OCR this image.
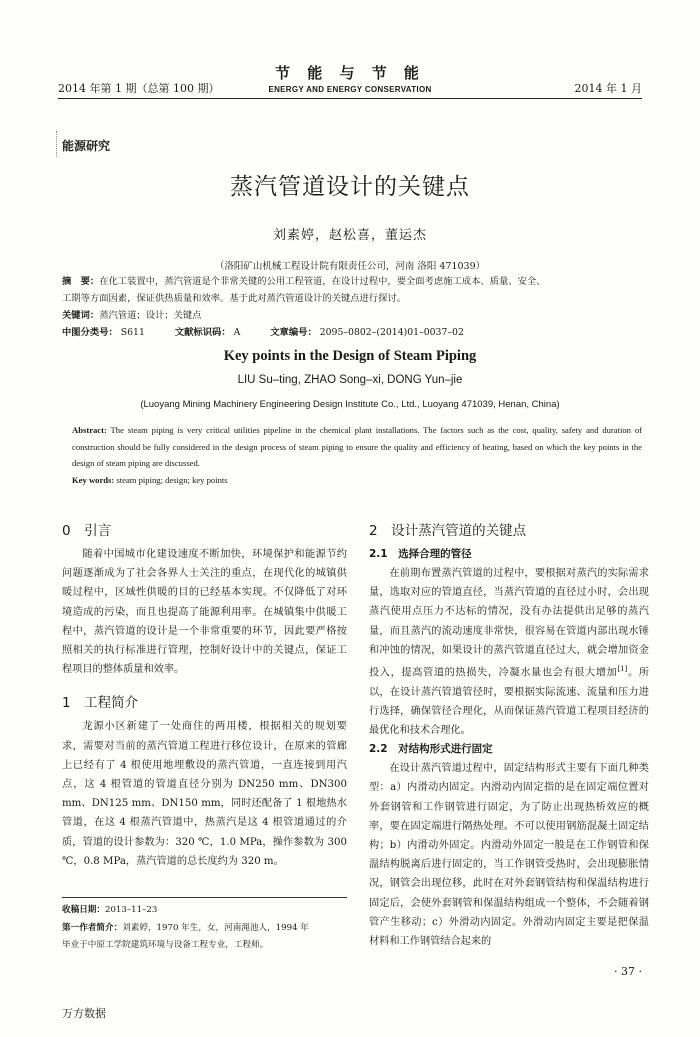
2014 年第 1 期（总第 100 期）
节 能 与 节 能
ENERGY AND ENERGY CONSERVATION	2014 年 1 月
能源研究
蒸汽管道设计的关键点
刘素婷，赵松喜，董运杰
（洛阳矿山机械工程设计院有限责任公司，河南 洛阳 471039）
摘　要：在化工装置中，蒸汽管道是个非常关键的公用工程管道，在设计过程中，要全面考虑施工成本、质量、安全、
工期等方面因素，保证供热质量和效率。基于此对蒸汽管道设计的关键点进行探讨。
关键词：蒸汽管道；设计；关键点
中图分类号： S611	文献标识码： A	文章编号： 2095–0802–(2014)01–0037–02
Key points in the Design of Steam Piping
LIU Su–ting, ZHAO Song–xi, DONG Yun–jie
(Luoyang Mining Machinery Engineering Design Institute Co., Ltd., Luoyang 471039, Henan, China)
Abstract: The steam piping is very critical utilities pipeline in the chemical plant installations. The factors such as the cost, quality, safety and duration of construction should be fully considered in the design process of steam piping to ensure the quality and efficiency of heating, based on which the key points in the design of steam piping are discussed.
Key words: steam piping; design; key points
0　引言

随着中国城市化建设速度不断加快，环境保护和能源节约问题逐渐成为了社会各界人士关注的重点，在现代化的城镇供暖过程中，区域性供暖的目的已经基本实现。不仅降低了对环境造成的污染，而且也提高了能源利用率。在城镇集中供暖工程中，蒸汽管道的设计是一个非常重要的环节，因此要严格按照相关的执行标准进行管理，控制好设计中的关键点，保证工程项目的整体质量和效率。

1　工程简介

龙源小区新建了一处商住的两用楼，根据相关的规划要求，需要对当前的蒸汽管道工程进行移位设计，在原来的管廊上已经有了 4 根使用地埋敷设的蒸汽管道，一直连接到用汽点，这 4 根管道的管道直径分别为 DN250 mm、DN300 mm、DN125 mm、DN150 mm，同时还配备了 1 根地热水管道，在这 4 根蒸汽管道中，热蒸汽是这 4 根管道通过的介质，管道的设计参数为：320 ℃，1.0 MPa，操作参数为 300 ℃，0.8 MPa，蒸汽管道的总长度约为 320 m。

2　设计蒸汽管道的关键点
2.1　选择合理的管径

在前期布置蒸汽管道的过程中，要根据对蒸汽的实际需求量，选取对应的管道直径，当蒸汽管道的直径过小时，会出现蒸汽使用点压力不达标的情况，没有办法提供出足够的蒸汽量，而且蒸汽的流动速度非常快，很容易在管道内部出现水锤和冲蚀的情况，如果设计的蒸汽管道直径过大，就会增加资金投入，提高管道的热损失，冷凝水量也会有很大增加[1]。所以，在设计蒸汽管道管径时，要根据实际流速、流量和压力进行选择，确保管径合理化，从而保证蒸汽管道工程项目经济的最优化和技术合理化。

2.2　对结构形式进行固定

在设计蒸汽管道过程中，固定结构形式主要有下面几种类型：a）内滑动内固定。内滑动内固定指的是在固定端位置对外套钢管和工作钢管进行固定，为了防止出现热桥效应的概率，要在固定端进行隔热处理。不可以使用钢筋混凝土固定结构；b）内滑动外固定。内滑动外固定一般是在工作钢管和保温结构脱离后进行固定的，当工作钢管受热时，会出现膨胀情况，钢管会出现位移，此时在对外套钢管结构和保温结构进行固定后，会使外套钢管和保温结构组成一个整体，不会随着钢管产生移动；c）外滑动内固定。外滑动内固定主要是把保温材料和工作钢管结合起来的

收稿日期：2013–11–23
第一作者简介：刘素婷，1970 年生，女，河南渑池人，1994 年
毕业于中原工学院建筑环境与设备工程专业，工程师。
· 37 ·
万方数据
